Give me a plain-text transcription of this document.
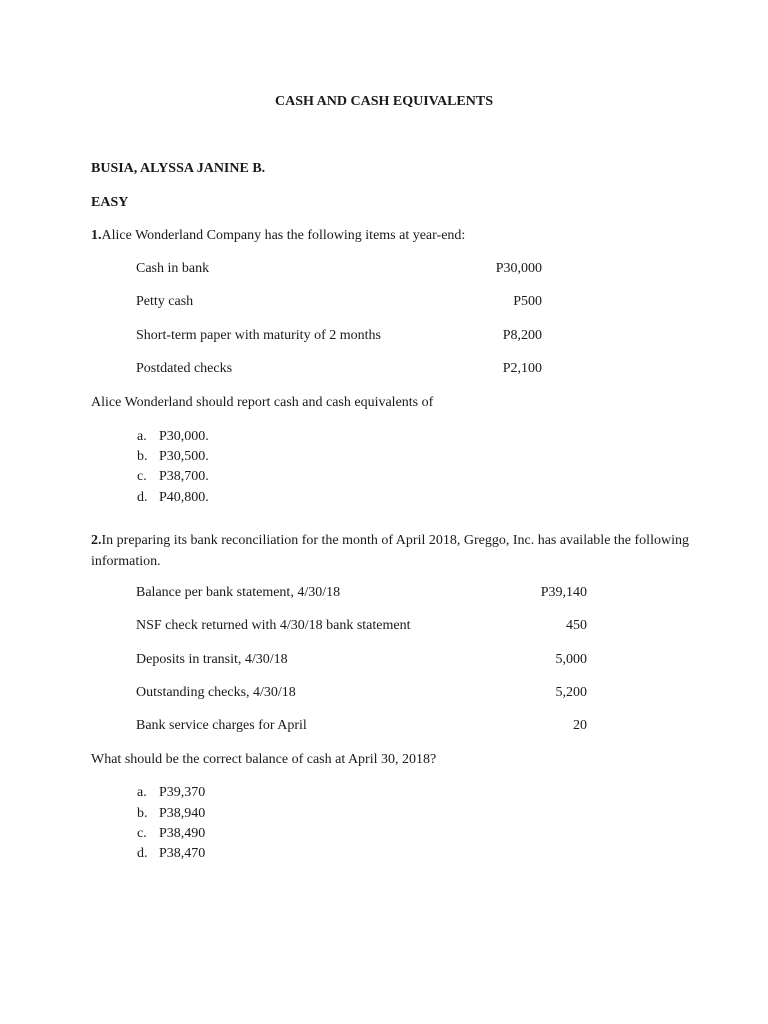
CASH AND CASH EQUIVALENTS
BUSIA, ALYSSA JANINE B.
EASY
1.Alice Wonderland Company has the following items at year-end:
Cash in bank	P30,000
Petty cash	P500
Short-term paper with maturity of 2 months	P8,200
Postdated checks	P2,100
Alice Wonderland should report cash and cash equivalents of
a. P30,000.
b. P30,500.
c. P38,700.
d. P40,800.
2.In preparing its bank reconciliation for the month of April 2018, Greggo, Inc. has available the following information.
Balance per bank statement, 4/30/18	P39,140
NSF check returned with 4/30/18 bank statement	450
Deposits in transit, 4/30/18	5,000
Outstanding checks, 4/30/18	5,200
Bank service charges for April	20
What should be the correct balance of cash at April 30, 2018?
a. P39,370
b. P38,940
c. P38,490
d. P38,470
